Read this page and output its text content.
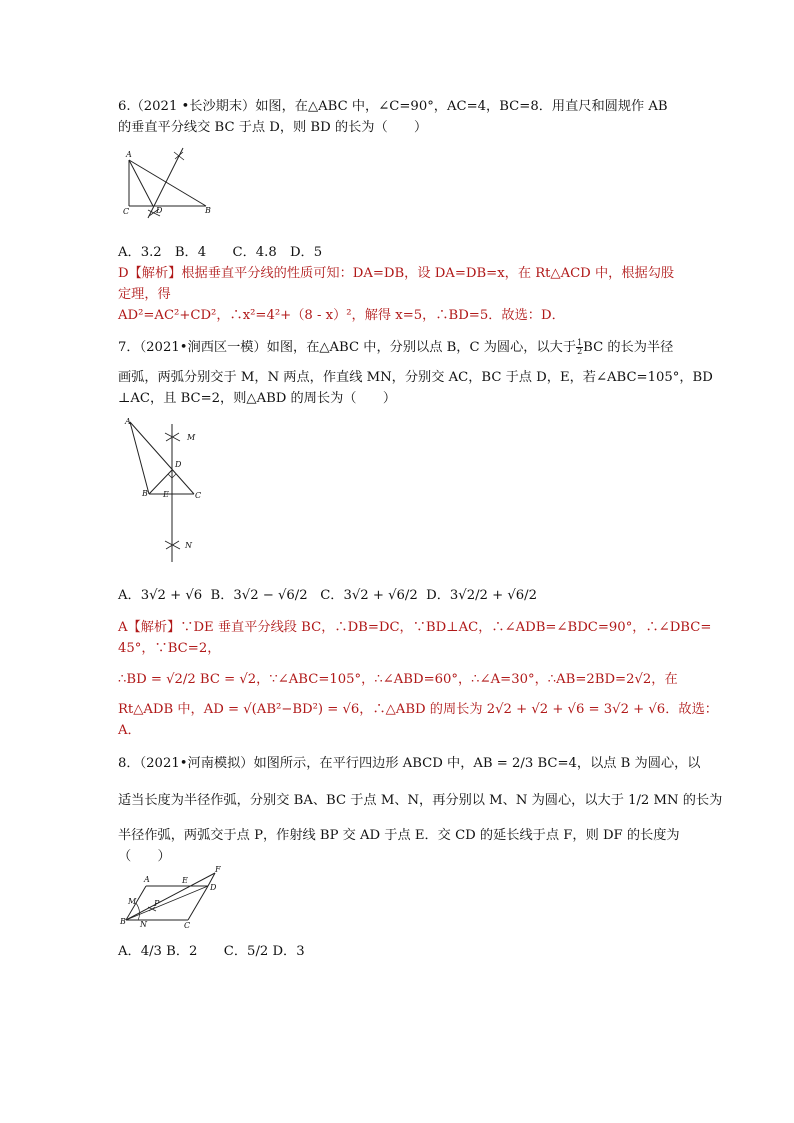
6.（2021 •长沙期末）如图，在△ABC 中，∠C=90°，AC=4，BC=8．用直尺和圆规作 AB
的垂直平分线交 BC 于点 D，则 BD 的长为（　　）
A
C	D	B
A．3.2　B．4　　C．4.8　D．5
D【解析】根据垂直平分线的性质可知：DA=DB，设 DA=DB=x，在 Rt△ACD 中，根据勾股
定理，得
AD²=AC²+CD²，∴x²=4²+（8 - x）²，解得 x=5，∴BD=5．故选：D．
7．（2021•涧西区一模）如图，在△ABC 中，分别以点 B，C 为圆心，以大于 $\frac{1}{2}$ BC 的长为半径
画弧，两弧分别交于 M，N 两点，作直线 MN，分别交 AC，BC 于点 D，E，若∠ABC=105°，BD
⊥AC，且 BC=2，则△ABD 的周长为（　　）
A
M
D
B E	C
N
A．3√2 + √6 B．3√2 − √6/2 C．3√2 + √6/2 D．3√2/2 + √6/2
A【解析】∵DE 垂直平分线段 BC，∴DB=DC，∵BD⊥AC，∴∠ADB=∠BDC=90°，∴∠DBC=
45°，∵BC=2，
∴BD = √2/2 BC = √2，∵∠ABC=105°，∴∠ABD=60°，∴∠A=30°，∴AB=2BD=2√2，在
Rt△ADB 中，AD = √(AB²−BD²) = √6，∴△ABD 的周长为 2√2 + √2 + √6 = 3√2 + √6．故选：
A．
8．（2021•河南模拟）如图所示，在平行四边形 ABCD 中，AB = 2/3 BC=4，以点 B 为圆心，以
适当长度为半径作弧，分别交 BA、BC 于点 M、N，再分别以 M、N 为圆心，以大于 1/2 MN 的长为
半径作弧，两弧交于点 P，作射线 BP 交 AD 于点 E．交 CD 的延长线于点 F，则 DF 的长度为
（　　）
A	E
F
D
M P
B N	C
A．4/3 B．2　　C．5/2 D．3
